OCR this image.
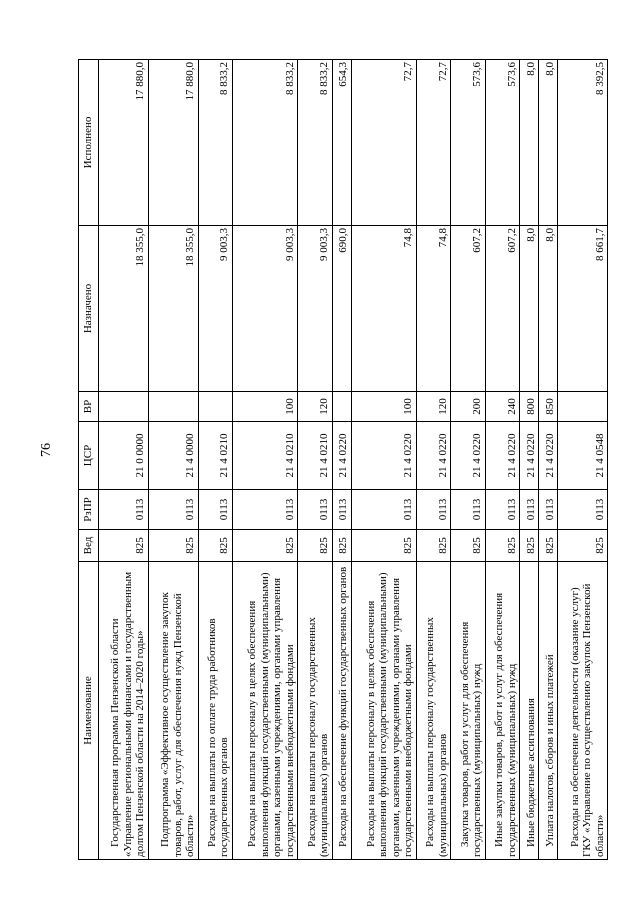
76
Наименование	Вед	РзПР	ЦСР	ВР	Назначено	Исполнено
Государственная программа Пензенской области «Управление региональными финансами и государственным долгом Пензенской области на 2014–2020 годы»	825	0113	21 0 0000		18 355,0	17 880,0
Подпрограмма «Эффективное осуществление закупок товаров, работ, услуг для обеспечения нужд Пензенской области»	825	0113	21 4 0000		18 355,0	17 880,0
Расходы на выплаты по оплате труда работников государственных органов	825	0113	21 4 0210		9 003,3	8 833,2
Расходы на выплаты персоналу в целях обеспечения выполнения функций государственными (муниципальными) органами, казенными учреждениями, органами управления государственными внебюджетными фондами	825	0113	21 4 0210	100	9 003,3	8 833,2
Расходы на выплаты персоналу государственных (муниципальных) органов	825	0113	21 4 0210	120	9 003,3	8 833,2
Расходы на обеспечение функций государственных органов	825	0113	21 4 0220		690,0	654,3
Расходы на выплаты персоналу в целях обеспечения выполнения функций государственными (муниципальными) органами, казенными учреждениями, органами управления государственными внебюджетными фондами	825	0113	21 4 0220	100	74,8	72,7
Расходы на выплаты персоналу государственных (муниципальных) органов	825	0113	21 4 0220	120	74,8	72,7
Закупка товаров, работ и услуг для обеспечения государственных (муниципальных) нужд	825	0113	21 4 0220	200	607,2	573,6
Иные закупки товаров, работ и услуг для обеспечения государственных (муниципальных) нужд	825	0113	21 4 0220	240	607,2	573,6
Иные бюджетные ассигнования	825	0113	21 4 0220	800	8,0	8,0
Уплата налогов, сборов и иных платежей	825	0113	21 4 0220	850	8,0	8,0
Расходы на обеспечение деятельности (оказание услуг) ГКУ «Управление по осуществлению закупок Пензенской области»	825	0113	21 4 0548		8 661,7	8 392,5
